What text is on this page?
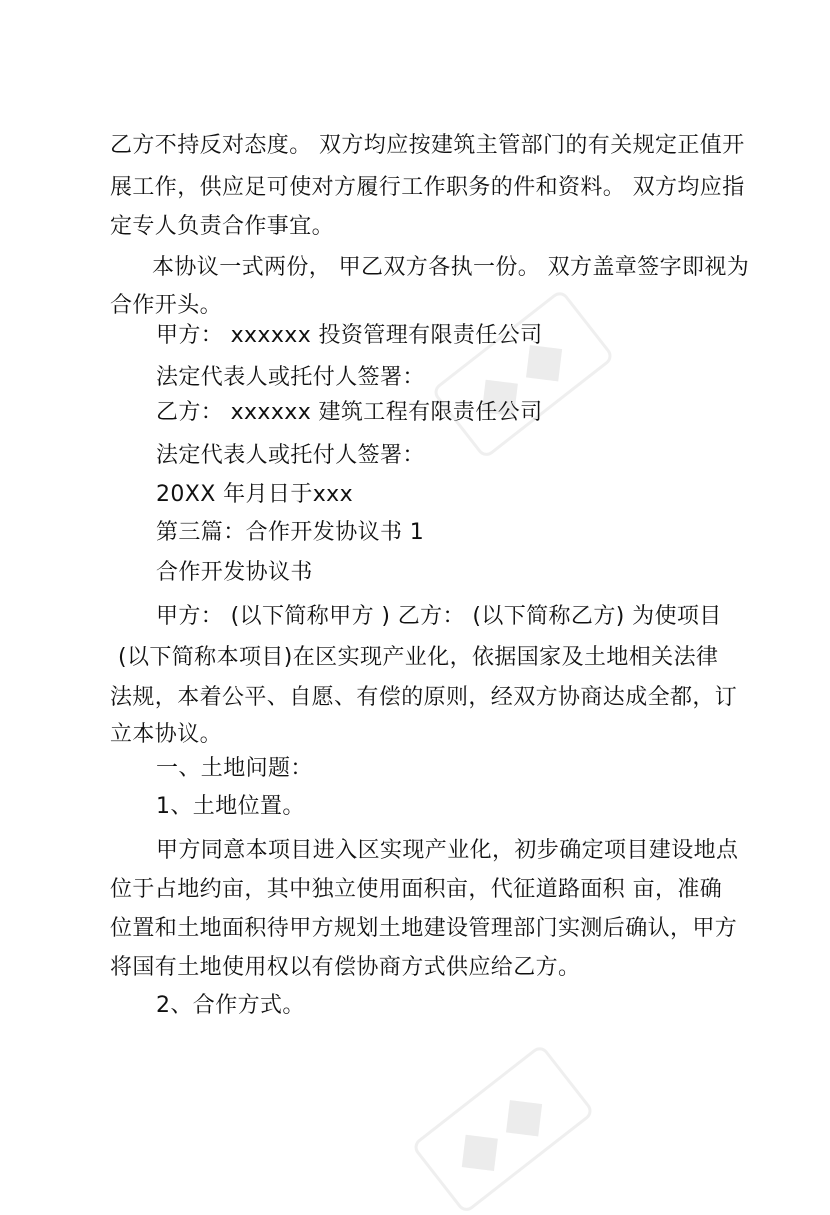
◆◆
◆◆
乙方不持反对态度。 双方均应按建筑主管部门的有关规定正值开
展工作，供应足可使对方履行工作职务的件和资料。 双方均应指
定专人负责合作事宜。
本协议一式两份， 甲乙双方各执一份。 双方盖章签字即视为
合作开头。
甲方： xxxxxx 投资管理有限责任公司
法定代表人或托付人签署：
乙方： xxxxxx 建筑工程有限责任公司
法定代表人或托付人签署：
20XX 年月日于xxx
第三篇：合作开发协议书 1
合作开发协议书
甲方： (以下简称甲方 ) 乙方： (以下简称乙方) 为使项目
(以下简称本项目)在区实现产业化，依据国家及土地相关法律
法规，本着公平、自愿、有偿的原则，经双方协商达成全都，订
立本协议。
一、土地问题：
1、土地位置。
甲方同意本项目进入区实现产业化，初步确定项目建设地点
位于占地约亩，其中独立使用面积亩，代征道路面积 亩，准确
位置和土地面积待甲方规划土地建设管理部门实测后确认，甲方
将国有土地使用权以有偿协商方式供应给乙方。
2、合作方式。
